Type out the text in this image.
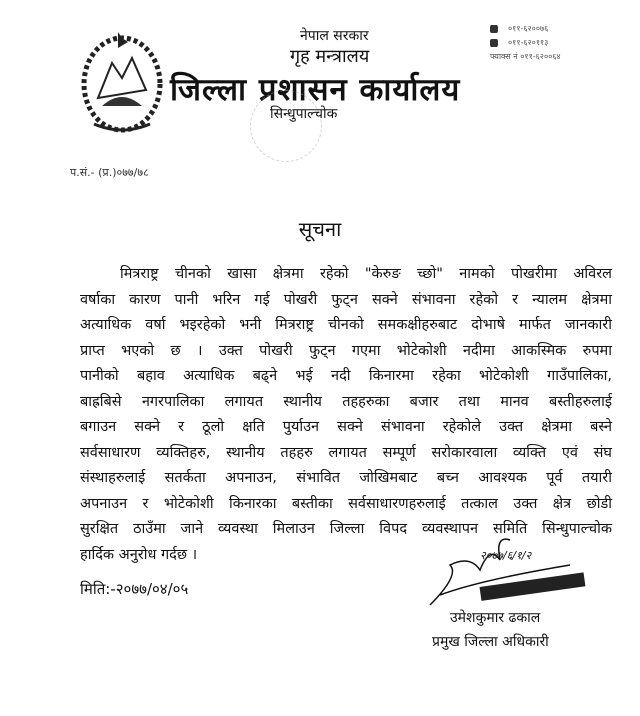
नेपाल सरकार
गृह मन्त्रालय
जिल्ला प्रशासन कार्यालय
सिन्धुपाल्चोक
०११-६२००७६
०११-६२०११३
फ्याक्स नं ०११-६२००६४
प.सं.- (प्र.)०७७/७८
सूचना
मित्रराष्ट्र चीनको खासा क्षेत्रमा रहेको "केरुङ च्छो" नामको पोखरीमा अविरल
वर्षाका कारण पानी भरिन गई पोखरी फुट्न सक्ने संभावना रहेको र न्यालम क्षेत्रमा
अत्याधिक वर्षा भइरहेको भनी मित्रराष्ट्र चीनको समकक्षीहरुबाट दोभाषे मार्फत जानकारी
प्राप्त भएको छ । उक्त पोखरी फुट्न गएमा भोटेकोशी नदीमा आकस्मिक रुपमा
पानीको बहाव अत्याधिक बढ्ने भई नदी किनारमा रहेका भोटेकोशी गाउँपालिका,
बाह्रबिसे नगरपालिका लगायत स्थानीय तहहरुका बजार तथा मानव बस्तीहरुलाई
बगाउन सक्ने र ठूलो क्षति पुर्याउन सक्ने संभावना रहेकोले उक्त क्षेत्रमा बस्ने
सर्वसाधारण व्यक्तिहरु, स्थानीय तहहरु लगायत सम्पूर्ण सरोकारवाला व्यक्ति एवं संघ
संस्थाहरुलाई सतर्कता अपनाउन, संभावित जोखिमबाट बच्न आवश्यक पूर्व तयारी
अपनाउन र भोटेकोशी किनारका बस्तीका सर्वसाधारणहरुलाई तत्काल उक्त क्षेत्र छोडी
सुरक्षित ठाउँमा जाने व्यवस्था मिलाउन जिल्ला विपद व्यवस्थापन समिति सिन्धुपाल्चोक
हार्दिक अनुरोध गर्दछ ।
मिति:-२०७७/०४/०५
२०७७/६/१/२
उमेशकुमार ढकाल
प्रमुख जिल्ला अधिकारी
